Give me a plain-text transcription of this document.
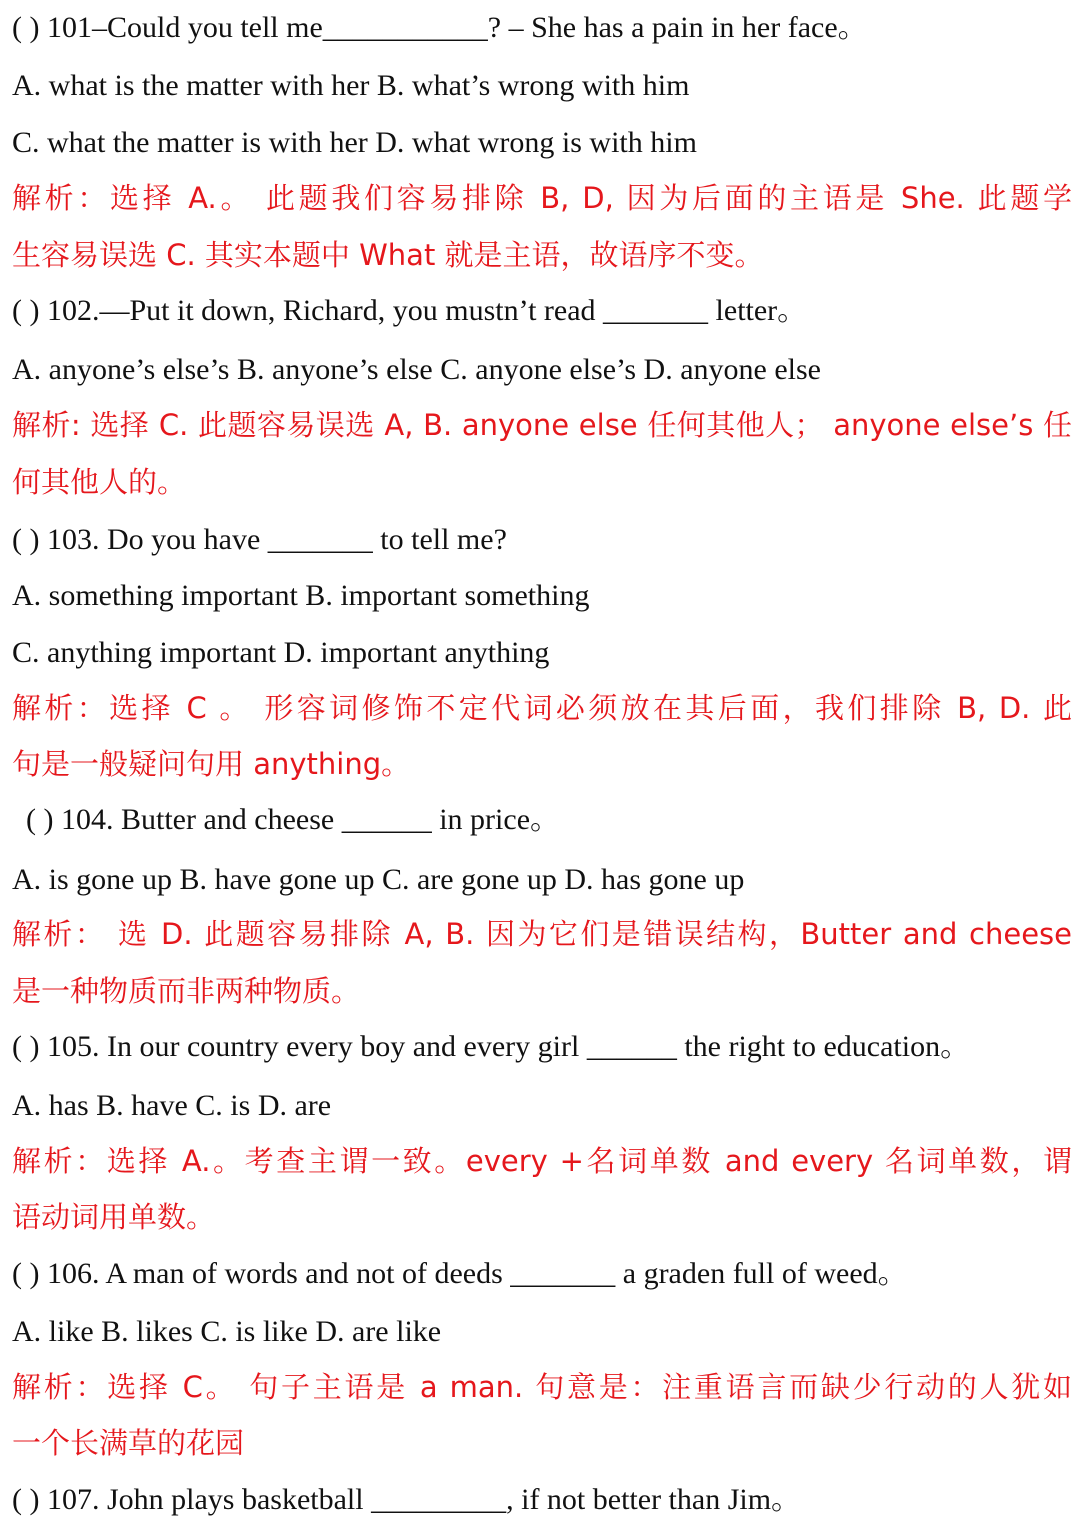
( ) 101–Could you tell me___________? – She has a pain in her face。
A. what is the matter with her B. what’s wrong with him
C. what the matter is with her D. what wrong is with him
解析：选择 A.。 此题我们容易排除 B, D, 因为后面的主语是 She. 此题学
生容易误选 C. 其实本题中 What 就是主语，故语序不变。
( ) 102.—Put it down, Richard, you mustn’t read _______ letter。
A. anyone’s else’s B. anyone’s else C. anyone else’s D. anyone else
解析: 选择 C. 此题容易误选 A, B. anyone else 任何其他人； anyone else’s 任
何其他人的。
( ) 103. Do you have _______ to tell me?
A. something important B. important something
C. anything important D. important anything
解析：选择 C 。 形容词修饰不定代词必须放在其后面，我们排除 B, D. 此
句是一般疑问句用 anything。
( ) 104. Butter and cheese ______ in price。
A. is gone up B. have gone up C. are gone up D. has gone up
解析： 选 D. 此题容易排除 A, B. 因为它们是错误结构，Butter and cheese
是一种物质而非两种物质。
( ) 105. In our country every boy and every girl ______ the right to education。
A. has B. have C. is D. are
解析：选择 A.。考查主谓一致。every +名词单数 and every 名词单数，谓
语动词用单数。
( ) 106. A man of words and not of deeds _______ a graden full of weed。
A. like B. likes C. is like D. are like
解析：选择 C。 句子主语是 a man. 句意是：注重语言而缺少行动的人犹如
一个长满草的花园
( ) 107. John plays basketball _________, if not better than Jim。
